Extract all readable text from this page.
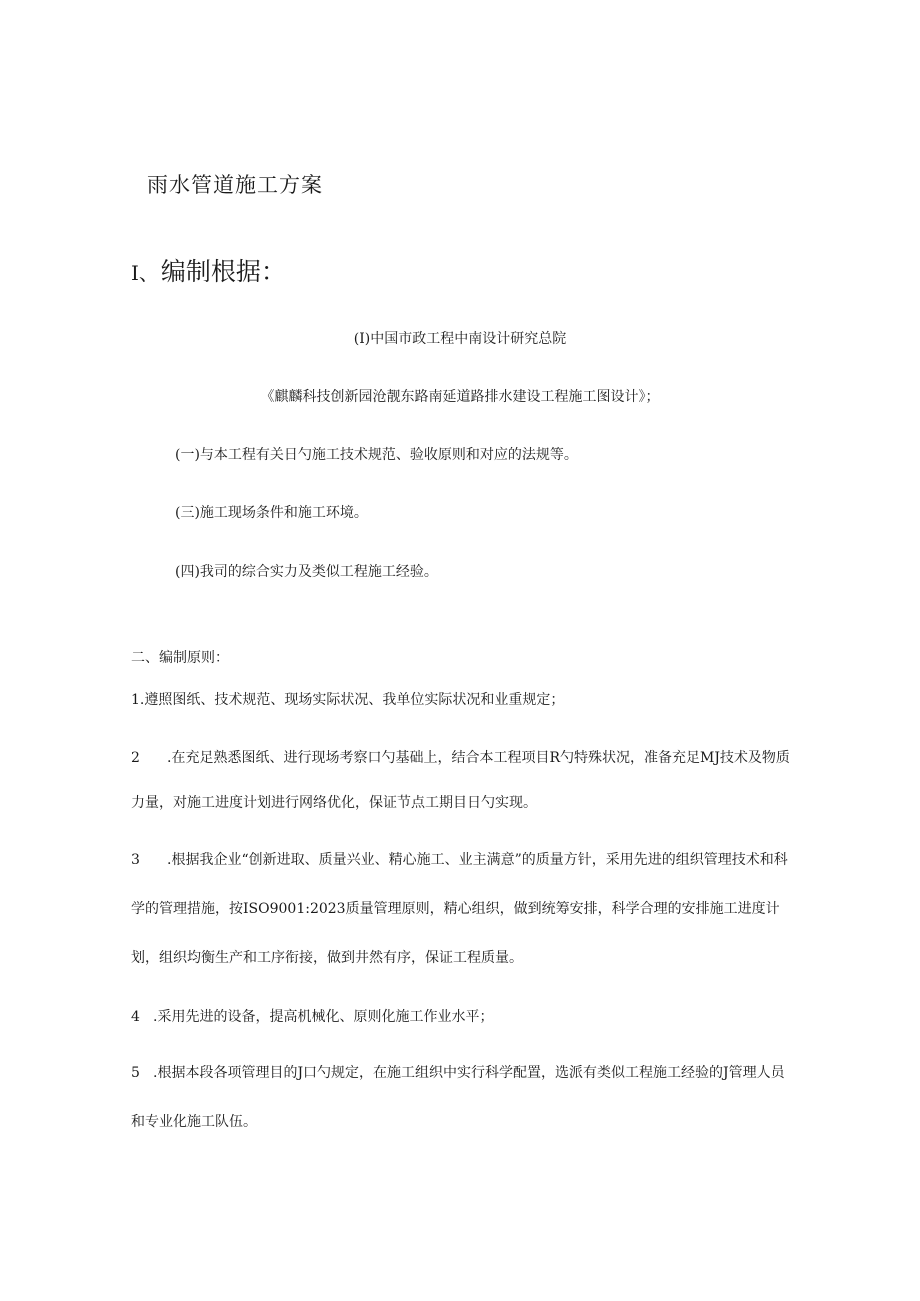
雨水管道施工方案
I、编制根据：

(I)中国市政工程中南设计研究总院

《麒麟科技创新园沧靓东路南延道路排水建设工程施工图设计》；

(一)与本工程有关日勺施工技术规范、验收原则和对应的法规等。

(三)施工现场条件和施工环境。

(四)我司的综合实力及类似工程施工经验。

二、编制原则：

1.遵照图纸、技术规范、现场实际状况、我单位实际状况和业重规定；

2 .在充足熟悉图纸、进行现场考察口勺基础上，结合本工程项目R勺特殊状况，准备充足MJ技术及物质力量，对施工进度计划进行网络优化，保证节点工期目日勺实现。

3 .根据我企业“创新进取、质量兴业、精心施工、业主满意”的质量方针，采用先进的组织管理技术和科学的管理措施，按ISO9001:2023质量管理原则，精心组织，做到统筹安排，科学合理的安排施工进度计划，组织均衡生产和工序衔接，做到井然有序，保证工程质量。

4 .采用先进的设备，提高机械化、原则化施工作业水平；

5 .根据本段各项管理目的J口勺规定，在施工组织中实行科学配置，选派有类似工程施工经验的J管理人员和专业化施工队伍。
